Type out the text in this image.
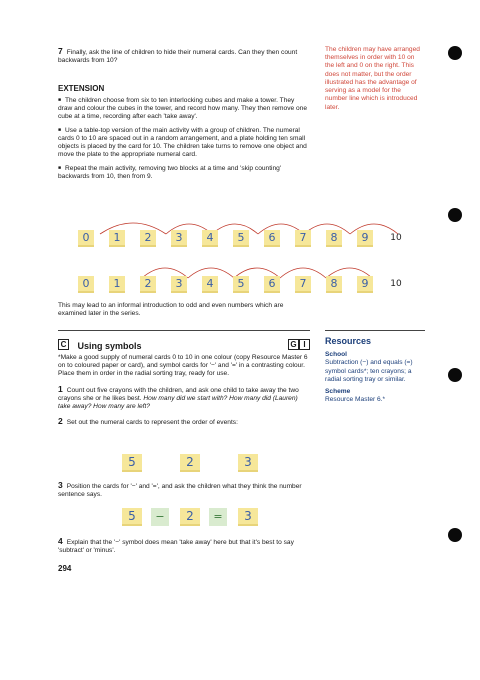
7 Finally, ask the line of children to hide their numeral cards. Can they then count backwards from 10?
The children may have arranged themselves in order with 10 on the left and 0 on the right. This does not matter, but the order illustrated has the advantage of serving as a model for the number line which is introduced later.
EXTENSION
■ The children choose from six to ten interlocking cubes and make a tower. They draw and colour the cubes in the tower, and record how many. They then remove one cube at a time, recording after each 'take away'.
■ Use a table-top version of the main activity with a group of children. The numeral cards 0 to 10 are spaced out in a random arrangement, and a plate holding ten small objects is placed by the card for 10. The children take turns to remove one object and move the plate to the appropriate numeral card.
■ Repeat the main activity, removing two blocks at a time and 'skip counting' backwards from 10, then from 9.
0	1	2	3	4	5	6	7	8	9	10
0	1	2	3	4	5	6	7	8	9	10
This may lead to an informal introduction to odd and even numbers which are examined later in the series.
C Using symbols	G I	Resources
School
Subtraction (−) and equals (=) symbol cards*; ten crayons; a radial sorting tray or similar.
Scheme
Resource Master 6.*
*Make a good supply of numeral cards 0 to 10 in one colour (copy Resource Master 6 on to coloured paper or card), and symbol cards for '−' and '=' in a contrasting colour. Place them in order in the radial sorting tray, ready for use.
1 Count out five crayons with the children, and ask one child to take away the two crayons she or he likes best. How many did we start with? How many did (Lauren) take away? How many are left?
2 Set out the numeral cards to represent the order of events:
5	2	3
3 Position the cards for '−' and '=', and ask the children what they think the number sentence says.
5	−	2	=	3
4 Explain that the '−' symbol does mean 'take away' here but that it's best to say 'subtract' or 'minus'.
294
